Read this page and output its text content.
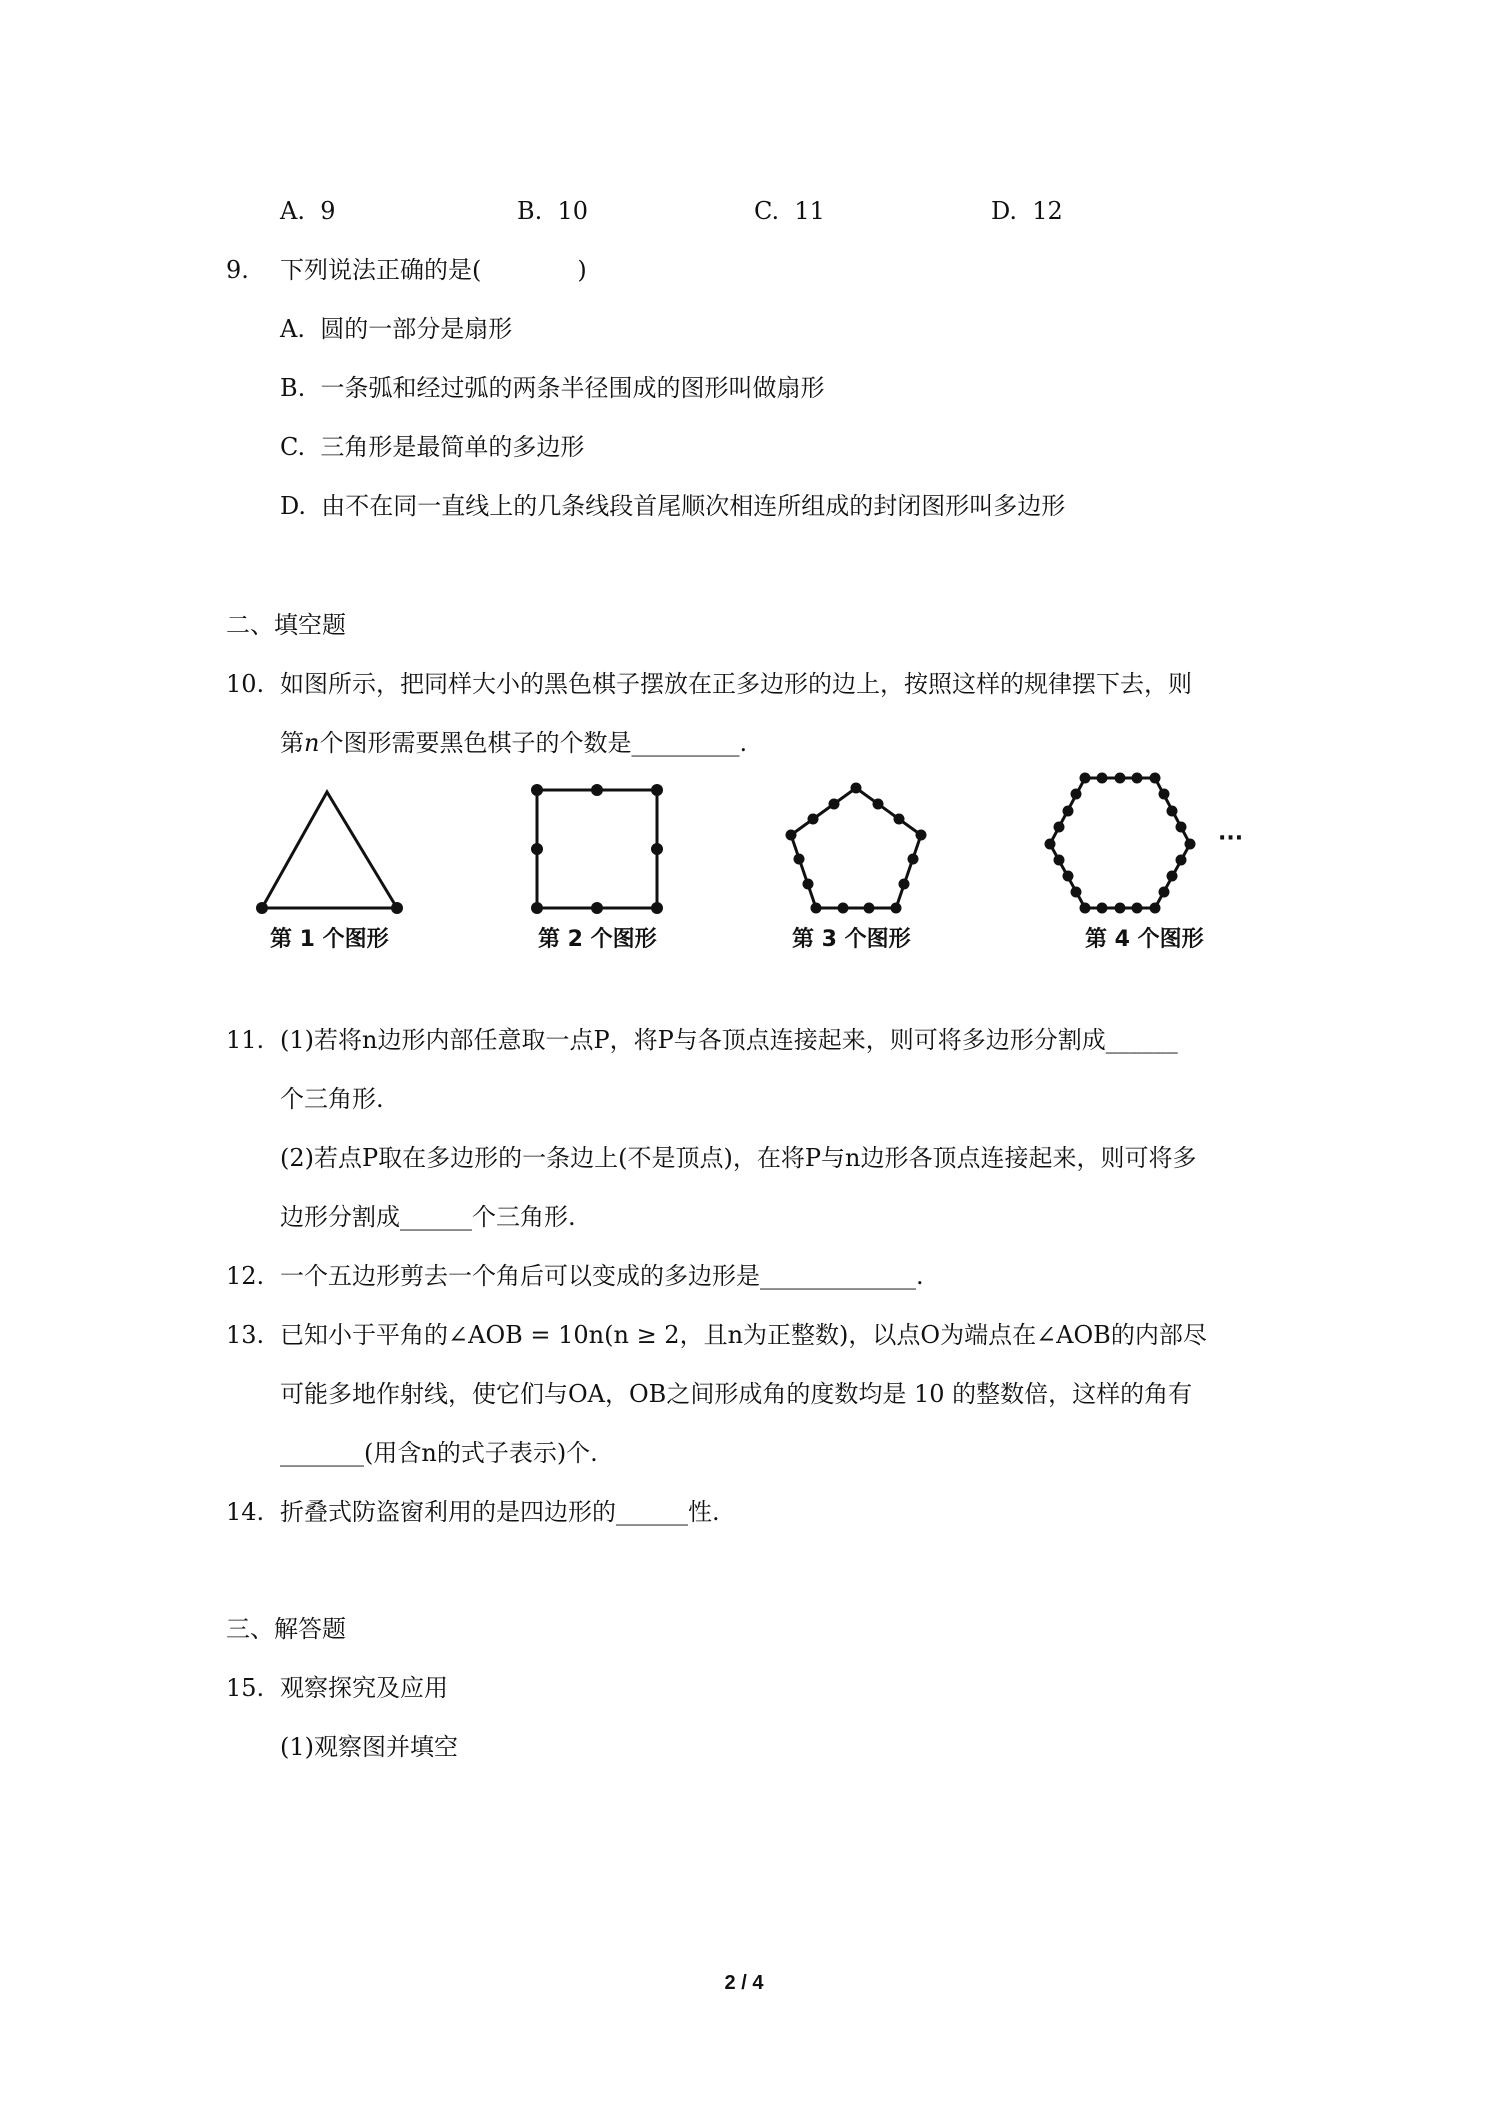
A. 9	B. 10	C. 11	D. 12
9. 下列说法正确的是(　　　　)
A. 圆的一部分是扇形
B. 一条弧和经过弧的两条半径围成的图形叫做扇形
C. 三角形是最简单的多边形
D. 由不在同一直线上的几条线段首尾顺次相连所组成的封闭图形叫多边形
二、填空题
10. 如图所示，把同样大小的黑色棋子摆放在正多边形的边上，按照这样的规律摆下去，则
第n个图形需要黑色棋子的个数是_________.
第 1 个图形	第 2 个图形	第 3 个图形	第 4 个图形
···
11. (1)若将n边形内部任意取一点P，将P与各顶点连接起来，则可将多边形分割成______
个三角形.
(2)若点P取在多边形的一条边上(不是顶点)，在将P与n边形各顶点连接起来，则可将多
边形分割成______个三角形.
12. 一个五边形剪去一个角后可以变成的多边形是_____________.
13. 已知小于平角的∠AOB = 10n(n ≥ 2，且n为正整数)，以点O为端点在∠AOB的内部尽
可能多地作射线，使它们与OA，OB之间形成角的度数均是 10 的整数倍，这样的角有
_______(用含n的式子表示)个.
14. 折叠式防盗窗利用的是四边形的______性.
三、解答题
15. 观察探究及应用
(1)观察图并填空
2 / 4
